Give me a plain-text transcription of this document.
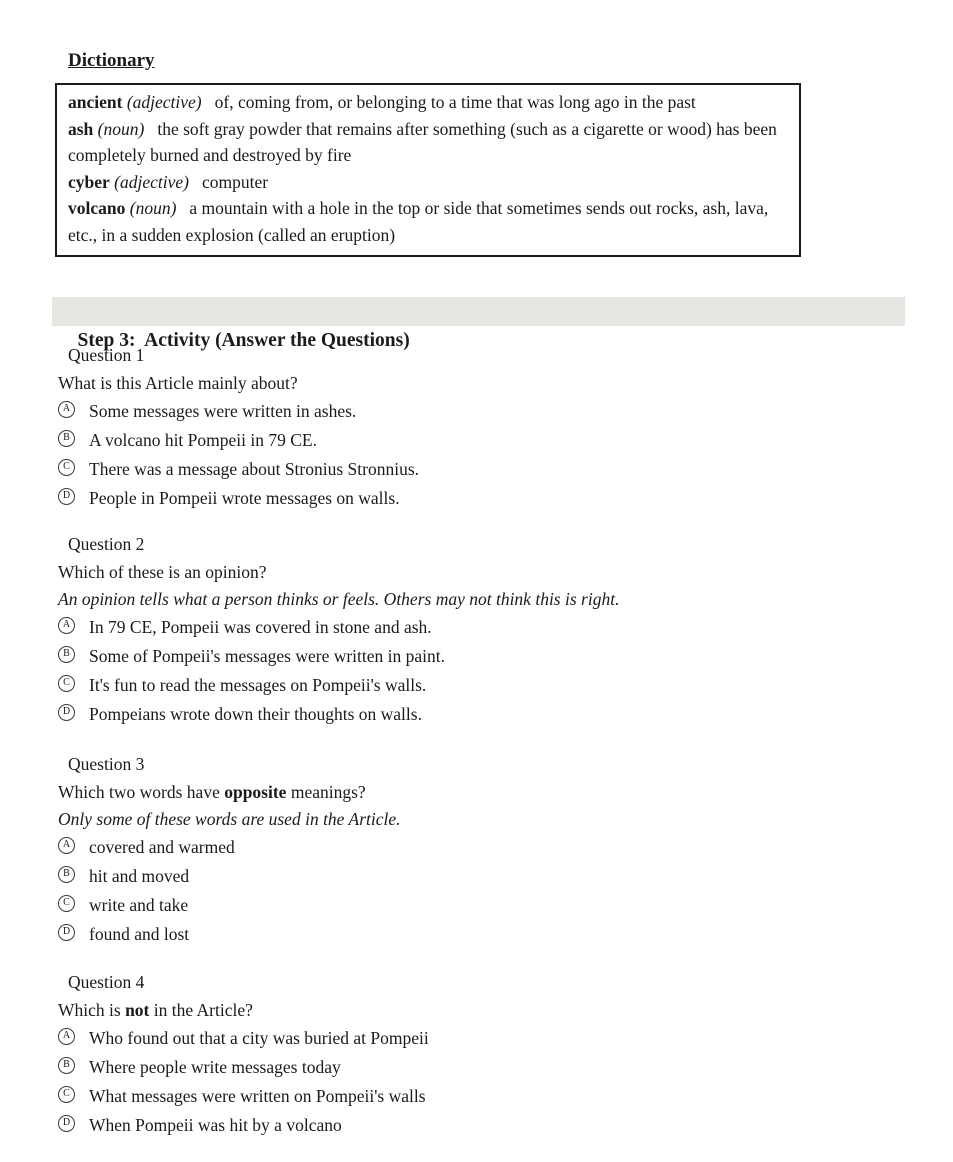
Dictionary

ancient (adjective) of, coming from, or belonging to a time that was long ago in the past

ash (noun) the soft gray powder that remains after something (such as a cigarette or wood) has been completely burned and destroyed by fire

cyber (adjective) computer

volcano (noun) a mountain with a hole in the top or side that sometimes sends out rocks, ash, lava, etc., in a sudden explosion (called an eruption)

Step 3:  Activity (Answer the Questions)

Question 1

What is this Article mainly about?

A Some messages were written in ashes.
B A volcano hit Pompeii in 79 CE.
C There was a message about Stronius Stronnius.
D People in Pompeii wrote messages on walls.

Question 2

Which of these is an opinion?

An opinion tells what a person thinks or feels. Others may not think this is right.

A In 79 CE, Pompeii was covered in stone and ash.
B Some of Pompeii's messages were written in paint.
C It's fun to read the messages on Pompeii's walls.
D Pompeians wrote down their thoughts on walls.

Question 3

Which two words have opposite meanings?

Only some of these words are used in the Article.

A covered and warmed
B hit and moved
C write and take
D found and lost

Question 4

Which is not in the Article?

A Who found out that a city was buried at Pompeii
B Where people write messages today
C What messages were written on Pompeii's walls
D When Pompeii was hit by a volcano
